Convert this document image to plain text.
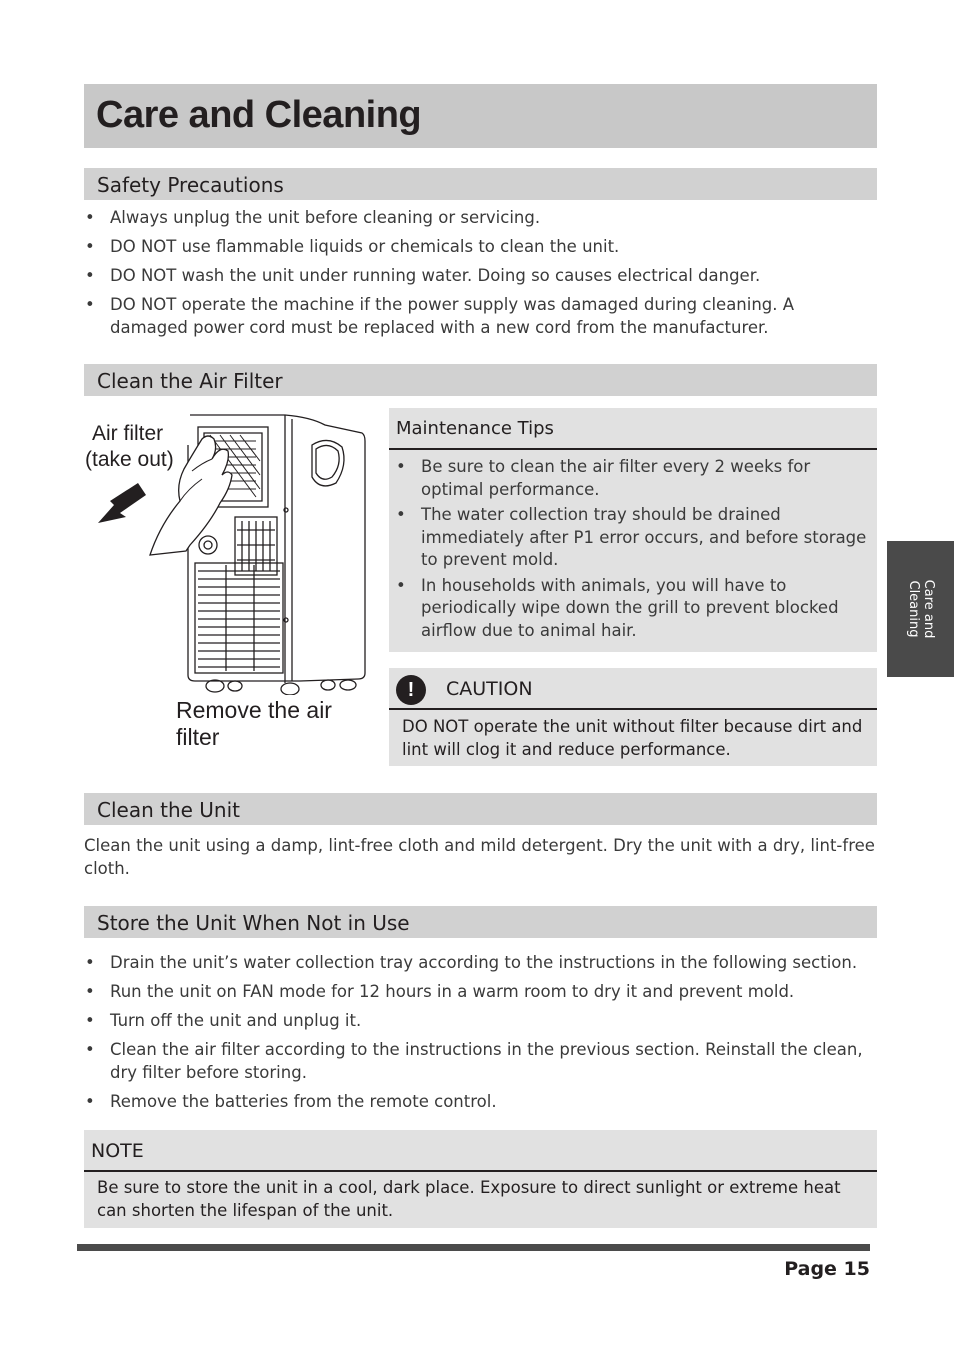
Care and Cleaning
Safety Precautions
• Always unplug the unit before cleaning or servicing.
• DO NOT use flammable liquids or chemicals to clean the unit.
• DO NOT wash the unit under running water. Doing so causes electrical danger.
• DO NOT operate the machine if the power supply was damaged during cleaning. A damaged power cord must be replaced with a new cord from the manufacturer.
Clean the Air Filter
Air filter
(take out)
Remove the air filter
Maintenance Tips
• Be sure to clean the air filter every 2 weeks for optimal performance.
• The water collection tray should be drained immediately after P1 error occurs, and before storage to prevent mold.
• In households with animals, you will have to periodically wipe down the grill to prevent blocked airflow due to animal hair.
!	CAUTION
DO NOT operate the unit without filter because dirt and lint will clog it and reduce performance.
Clean the Unit
Clean the unit using a damp, lint-free cloth and mild detergent. Dry the unit with a dry, lint-free cloth.
Store the Unit When Not in Use
• Drain the unit’s water collection tray according to the instructions in the following section.
• Run the unit on FAN mode for 12 hours in a warm room to dry it and prevent mold.
• Turn off the unit and unplug it.
• Clean the air filter according to the instructions in the previous section. Reinstall the clean, dry filter before storing.
• Remove the batteries from the remote control.
NOTE
Be sure to store the unit in a cool, dark place. Exposure to direct sunlight or extreme heat can shorten the lifespan of the unit.
Page 15
Care and
Cleaning
